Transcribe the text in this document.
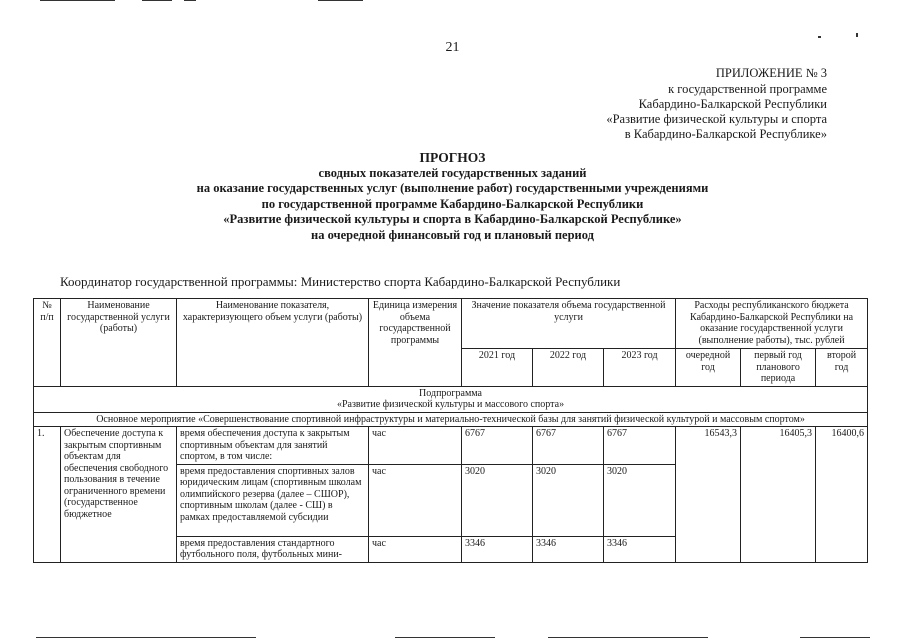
21
ПРИЛОЖЕНИЕ № 3
к государственной программе
Кабардино-Балкарской Республики
«Развитие физической культуры и спорта
в Кабардино-Балкарской Республике»
ПРОГНОЗ
сводных показателей государственных заданий
на оказание государственных услуг (выполнение работ) государственными учреждениями
по государственной программе Кабардино-Балкарской Республики
«Развитие физической культуры и спорта в Кабардино-Балкарской Республике»
на очередной финансовый год и плановый период
Координатор государственной программы: Министерство спорта Кабардино-Балкарской Республики
№ п/п	Наименование государственной услуги (работы)	Наименование показателя, характеризующего объем услуги (работы)	Единица измерения объема государственной программы	Значение показателя объема государственной услуги			Расходы республиканского бюджета Кабардино-Балкарской Республики на оказание государственной услуги (выполнение работы), тыс. рублей		
				2021 год	2022 год	2023 год	очередной год	первый год планового периода	второй год

Подпрограмма
«Развитие физической культуры и массового спорта»									

Основное мероприятие «Совершенствование спортивной инфраструктуры и материально-технической базы для занятий физической культурой и массовым спортом»									
1.	Обеспечение доступа к закрытым спортивным объектам для обеспечения свободного пользования в течение ограниченного времени (государственное бюджетное	время обеспечения доступа к закрытым спортивным объектам для занятий спортом, в том числе:	час	6767	6767	6767	16543,3	16405,3	16400,6
		время предоставления спортивных залов юридическим лицам (спортивным школам олимпийского резерва (далее – СШОР), спортивным школам (далее - СШ) в рамках предоставляемой субсидии	час	3020	3020	3020			
		время предоставления стандартного футбольного поля, футбольных мини-	час	3346	3346	3346			
